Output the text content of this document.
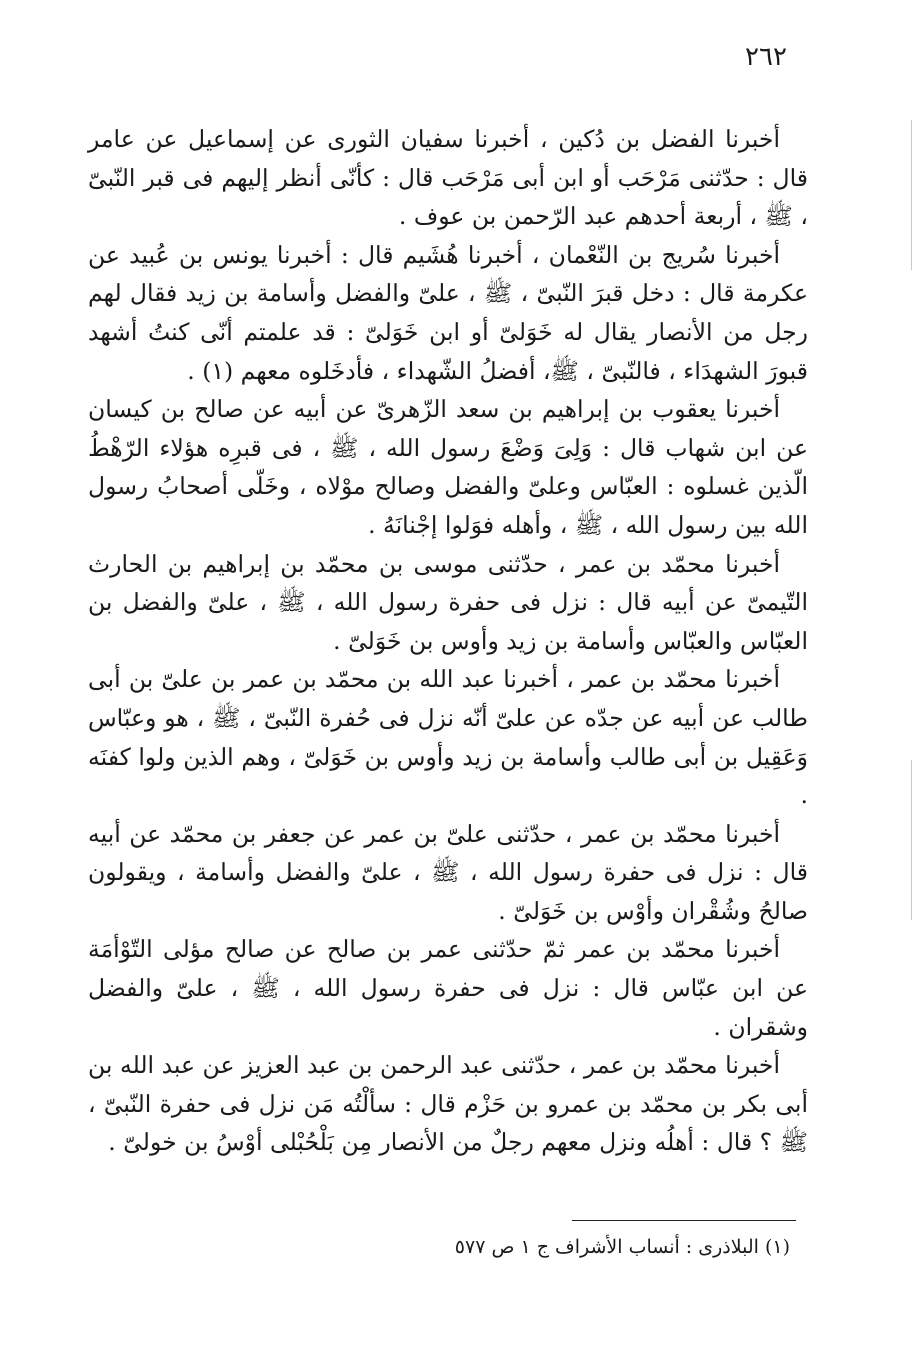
٢٦٢

أخبرنا الفضل بن دُكين ، أخبرنا سفيان الثورى عن إسماعيل عن عامر قال : حدّثنى مَرْحَب أو ابن أبى مَرْحَب قال : كأنّى أنظر إليهم فى قبر النّبىّ ، ﷺ ، أربعة أحدهم عبد الرّحمن بن عوف .

أخبرنا سُريج بن النّعْمان ، أخبرنا هُشَيم قال : أخبرنا يونس بن عُبيد عن عكرمة قال : دخل قبرَ النّبىّ ، ﷺ ، علىّ والفضل وأسامة بن زيد فقال لهم رجل من الأنصار يقال له خَوَلىّ أو ابن خَوَلىّ : قد علمتم أنّى كنتُ أشهد قبورَ الشهدَاء ، فالنّبىّ ، ﷺ، أفضلُ الشّهداء ، فأدخَلوه معهم (١) .

أخبرنا يعقوب بن إبراهيم بن سعد الزّهرىّ عن أبيه عن صالح بن كيسان عن ابن شهاب قال : وَلِىَ وَضْعَ رسول الله ، ﷺ ، فى قبرِه هؤلاء الرّهْطُ الّذين غسلوه : العبّاس وعلىّ والفضل وصالح موْلاه ، وخَلّى أصحابُ رسول الله بين رسول الله ، ﷺ ، وأهله فوَلوا إجْنانَهُ .

أخبرنا محمّد بن عمر ، حدّثنى موسى بن محمّد بن إبراهيم بن الحارث التّيمىّ عن أبيه قال : نزل فى حفرة رسول الله ، ﷺ ، علىّ والفضل بن العبّاس والعبّاس وأسامة بن زيد وأوس بن خَوَلىّ .

أخبرنا محمّد بن عمر ، أخبرنا عبد الله بن محمّد بن عمر بن علىّ بن أبى طالب عن أبيه عن جدّه عن علىّ أنّه نزل فى حُفرة النّبىّ ، ﷺ ، هو وعبّاس وَعَقِيل بن أبى طالب وأسامة بن زيد وأوس بن خَوَلىّ ، وهم الذين ولوا كفنَه .

أخبرنا محمّد بن عمر ، حدّثنى علىّ بن عمر عن جعفر بن محمّد عن أبيه قال : نزل فى حفرة رسول الله ، ﷺ ، علىّ والفضل وأسامة ، ويقولون صالحُ وشُقْران وأوْس بن خَوَلىّ .

أخبرنا محمّد بن عمر ثمّ حدّثنى عمر بن صالح عن صالح مؤلى التّوْأمَة عن ابن عبّاس قال : نزل فى حفرة رسول الله ، ﷺ ، علىّ والفضل وشقران .

أخبرنا محمّد بن عمر ، حدّثنى عبد الرحمن بن عبد العزيز عن عبد الله بن أبى بكر بن محمّد بن عمرو بن حَزْم قال : سألْتُه مَن نزل فى حفرة النّبىّ ، ﷺ ؟ قال : أهلُه ونزل معهم رجلٌ من الأنصار مِن بَلْحُبْلى أوْسُ بن خولىّ .

(١) البلاذرى : أنساب الأشراف ج ١ ص ٥٧٧
